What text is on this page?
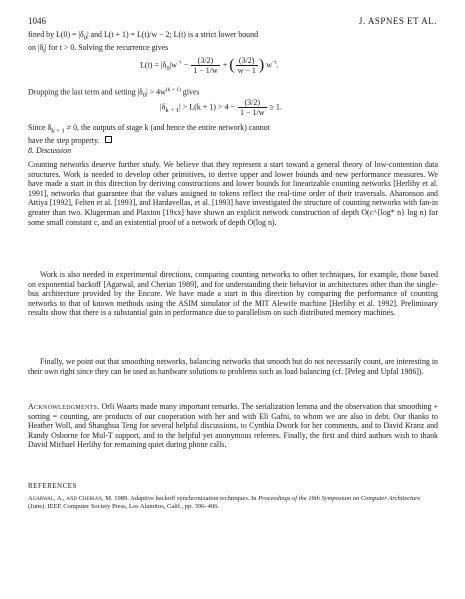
1046	J. ASPNES ET AL.
fined by $L(0) = |\delta_0|$ and L(t + 1) = L(t)/w − 2; L(t) is a strict lower bound
on $|\delta_t|$ for t > 0. Solving the recurrence gives
$L(t) = |\delta_0|w^{-t} - \frac{(3/2)}{1 - 1/w}$ + ( $\frac{(3/2)}{w - 1}$ ) $w^{-t}$.
Dropping the last term and setting $|\delta_0| > 4w^{(k + 1)}$ gives
$|\delta_{k + 1}| > L(k + 1) > 4 - \frac{(3/2)}{1 - 1/w} \ge 1$.
Since $\delta_{k + 1} \ne 0$, the outputs of stage k (and hence the entire network) cannot
have the step property.
8. Discussion
Counting networks deserve further study. We believe that they represent a start toward a general theory of low-contention data structures. Work is needed to develop other primitives, to derive upper and lower bounds and new performance measures. We have made a start in this direction by deriving constructions and lower bounds for linearizable counting networks [Herlihy et al. 1991], networks that guarantee that the values assigned to tokens reflect the real-time order of their traversals. Aharonson and Attiya [1992], Felten et al. [1993], and Hardavellas, et al. [1993] have investigated the structure of counting networks with fan-in greater than two. Klugerman and Plaxton [19xx] have shown an explicit network construction of depth O(c^{log* n} log n) for some small constant c, and an existential proof of a network of depth O(log n).
Work is also needed in experimental directions, comparing counting networks to other techniques, for example, those based on exponential backoff [Agarwal, and Cherian 1989], and for understanding their behavior in architectures other than the single-bus architecture provided by the Encore. We have made a start in this direction by comparing the performance of counting networks to that of known methods using the ASIM simulator of the MIT Alewife machine [Herlihy et al. 1992]. Preliminary results show that there is a substantial gain in performance due to parallelism on such distributed memory machines.
Finally, we point out that smoothing networks, balancing networks that smooth but do not necessarily count, are interesting in their own right since they can be used as hardware solutions to problems such as load balancing (cf. [Peleg and Upfal 1986]).
Acknowledgments. Orli Waarts made many important remarks. The serialization lemma and the observation that smoothing + sorting = counting, are products of our cooperation with her and with Eli Gafni, to whom we are also in debt. Our thanks to Heather Woll, and Shanghua Teng for several helpful discussions, to Cynthia Dwork for her comments, and to David Kranz and Randy Osborne for Mul-T support, and to the helpful yet anonymous referees. Finally, the first and third authors wish to thank David Michael Herlihy for remaining quiet during phone calls.
REFERENCES
Agarwal, A., and Cherian, M. 1989. Adaptive backoff synchronization techniques. In Proceedings of the 16th Symposium on Computer Architecture (June). IEEE Computer Society Press, Los Alamitos, Calif., pp. 396–406.
